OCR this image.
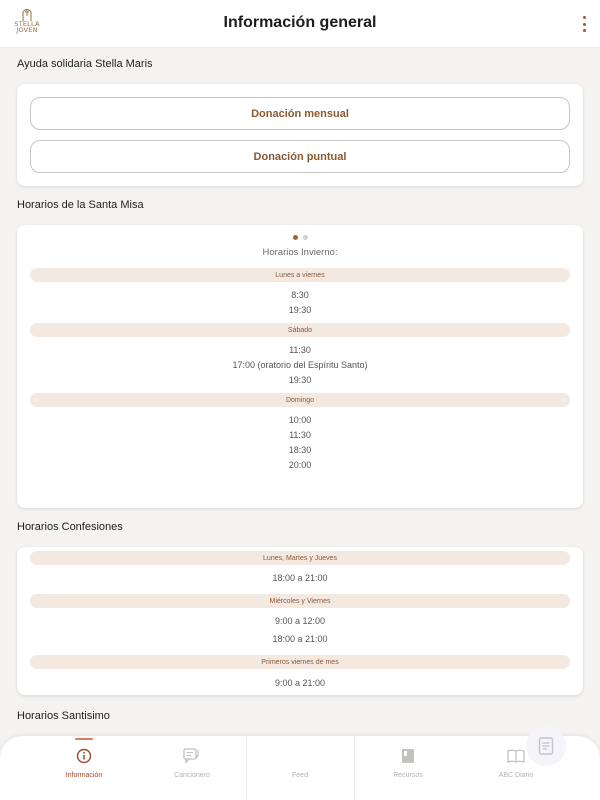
STELLA
JOVEN	Información general
Ayuda solidaria Stella Maris
Donación mensual
Donación puntual
Horarios de la Santa Misa
Horarios Invierno:
Lunes a viernes
8:30
19:30
Sábado
11:30
17:00 (oratorio del Espíritu Santo)
19:30
Domingo
10:00
11:30
18:30
20:00
Horarios Confesiones
Lunes, Martes y Jueves
18:00 a 21:00
Miércoles y Viernes
9:00 a 12:00
18:00 a 21:00
Primeros viernes de mes
9:00 a 21:00
Horarios Santisimo
Información	Cancionero	Feed	Recursos	ABC Diario
